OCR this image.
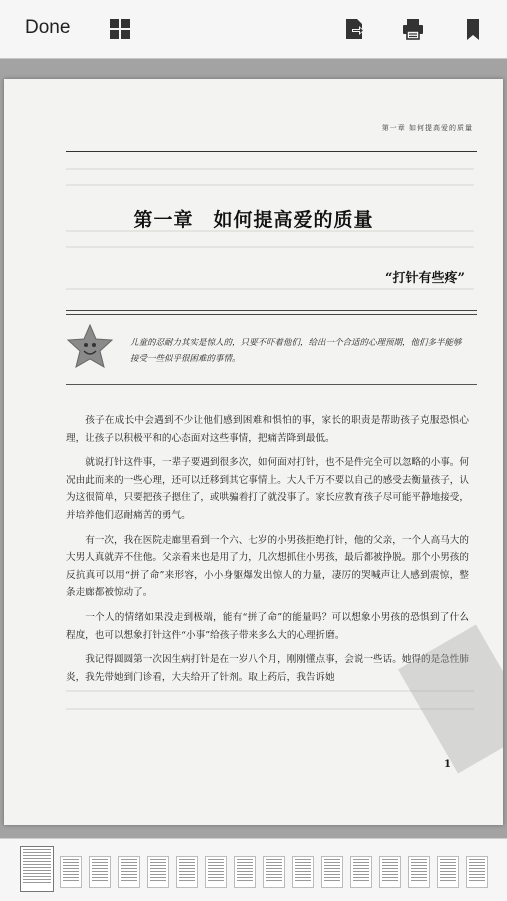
Done
第一章 如何提高爱的质量
第一章　如何提高爱的质量
“打针有些疼”
儿童的忍耐力其实是惊人的，只要不吓着他们，给出一个合适的心理预期，他们多半能够接受一些似乎很困难的事情。

孩子在成长中会遇到不少让他们感到困难和惧怕的事，家长的职责是帮助孩子克服恐惧心理，让孩子以积极平和的心态面对这些事情，把痛苦降到最低。

就说打针这件事，一辈子要遇到很多次，如何面对打针，也不是件完全可以忽略的小事。何况由此而来的一些心理，还可以迁移到其它事情上。大人千万不要以自己的感受去衡量孩子，认为这很简单，只要把孩子摁住了，或哄骗着打了就没事了。家长应教育孩子尽可能平静地接受，并培养他们忍耐痛苦的勇气。

有一次，我在医院走廊里看到一个六、七岁的小男孩拒绝打针，他的父亲，一个人高马大的大男人真就弄不住他。父亲看来也是用了力，几次想抓住小男孩，最后都被挣脱。那个小男孩的反抗真可以用“拼了命”来形容，小小身躯爆发出惊人的力量，凄厉的哭喊声让人感到震惊，整条走廊都被惊动了。

一个人的情绪如果没走到极端，能有“拼了命”的能量吗？可以想象小男孩的恐惧到了什么程度，也可以想象打针这件“小事”给孩子带来多么大的心理折磨。

我记得圆圆第一次因生病打针是在一岁八个月，刚刚懂点事，会说一些话。她得的是急性肺炎，我先带她到门诊看，大夫给开了针剂。取上药后，我告诉她

1
